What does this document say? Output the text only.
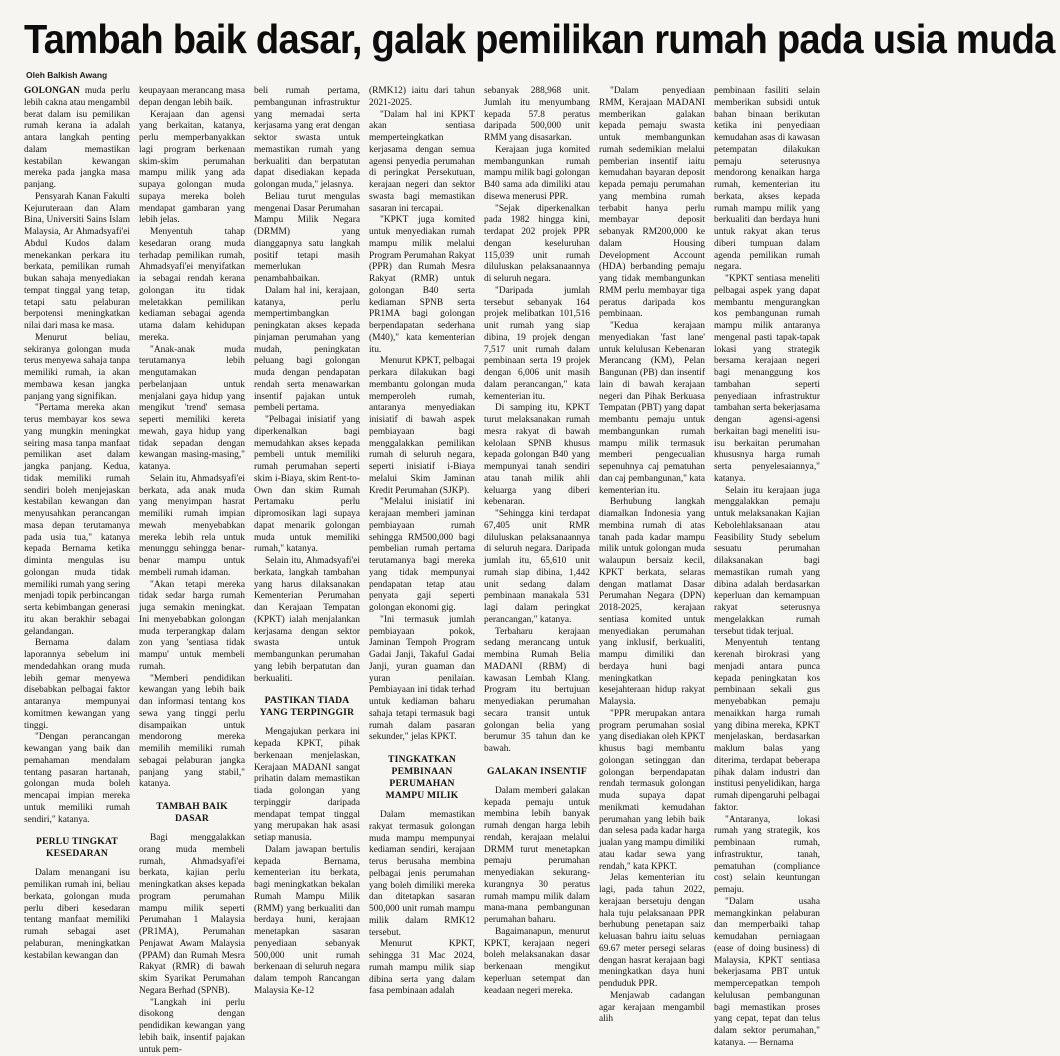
Tambah baik dasar, galak pemilikan rumah pada usia muda
Oleh Balkish Awang

GOLONGAN muda perlu lebih cakna atau mengambil berat dalam isu pemilikan rumah kerana ia adalah antara langkah penting dalam memastikan kestabilan kewangan mereka pada jangka masa panjang.

Pensyarah Kanan Fakulti Kejuruteraan dan Alam Bina, Universiti Sains Islam Malaysia, Ar Ahmadsyafi'ei Abdul Kudos dalam menekankan perkara itu berkata, pemilikan rumah bukan sahaja menyediakan tempat tinggal yang tetap, tetapi satu pelaburan berpotensi meningkatkan nilai dari masa ke masa.

Menurut beliau, sekiranya golongan muda terus menyewa sahaja tanpa memiliki rumah, ia akan membawa kesan jangka panjang yang signifikan.

"Pertama mereka akan terus membayar kos sewa yang mungkin meningkat seiring masa tanpa manfaat pemilikan aset dalam jangka panjang. Kedua, tidak memiliki rumah sendiri boleh menjejaskan kestabilan kewangan dan menyusahkan perancangan masa depan terutamanya pada usia tua," katanya kepada Bernama ketika diminta mengulas isu golongan muda tidak memiliki rumah yang sering menjadi topik perbincangan serta kebimbangan generasi itu akan berakhir sebagai gelandangan.

Bernama dalam laporannya sebelum ini mendedahkan orang muda lebih gemar menyewa disebabkan pelbagai faktor antaranya mempunyai komitmen kewangan yang tinggi.

"Dengan perancangan kewangan yang baik dan pemahaman mendalam tentang pasaran hartanah, golongan muda boleh mencapai impian mereka untuk memiliki rumah sendiri," katanya.

PERLU TINGKAT
KESEDARAN

Dalam menangani isu pemilikan rumah ini, beliau berkata, golongan muda perlu diberi kesedaran tentang manfaat memiliki rumah sebagai aset pelaburan, meningkatkan kestabilan kewangan dan

keupayaan merancang masa depan dengan lebih baik.

Kerajaan dan agensi yang berkaitan, katanya, perlu memperbanyakkan lagi program berkenaan skim-skim perumahan mampu milik yang ada supaya golongan muda supaya mereka boleh mendapat gambaran yang lebih jelas.

Menyentuh tahap kesedaran orang muda terhadap pemilikan rumah, Ahmadsyafi'ei menyifatkan ia sebagai rendah kerana golongan itu tidak meletakkan pemilikan kediaman sebagai agenda utama dalam kehidupan mereka.

"Anak-anak muda terutamanya lebih mengutamakan perbelanjaan untuk menjalani gaya hidup yang mengikut 'trend' semasa seperti memiliki kereta mewah, gaya hidup yang tidak sepadan dengan kewangan masing-masing," katanya.

Selain itu, Ahmadsyafi'ei berkata, ada anak muda yang menyimpan hasrat memiliki rumah impian mewah menyebabkan mereka lebih rela untuk menunggu sehingga benar-benar mampu untuk membeli rumah idaman.

"Akan tetapi mereka tidak sedar harga rumah juga semakin meningkat. Ini menyebabkan golongan muda terperangkap dalam zon yang 'sentiasa tidak mampu' untuk membeli rumah.

"Memberi pendidikan kewangan yang lebih baik dan informasi tentang kos sewa yang tinggi perlu disampaikan untuk mendorong mereka memilih memiliki rumah sebagai pelaburan jangka panjang yang stabil," katanya.

TAMBAH BAIK DASAR

Bagi menggalakkan orang muda membeli rumah, Ahmadsyafi'ei berkata, kajian perlu meningkatkan akses kepada program perumahan mampu milik seperti Perumahan 1 Malaysia (PR1MA), Perumahan Penjawat Awam Malaysia (PPAM) dan Rumah Mesra Rakyat (RMR) di bawah skim Syarikat Perumahan Negara Berhad (SPNB).

"Langkah ini perlu disokong dengan pendidikan kewangan yang lebih baik, insentif pajakan untuk pem-

beli rumah pertama, pembangunan infrastruktur yang memadai serta kerjasama yang erat dengan sektor swasta untuk memastikan rumah yang berkualiti dan berpatutan dapat disediakan kepada golongan muda," jelasnya.

Beliau turut mengulas mengenai Dasar Perumahan Mampu Milik Negara (DRMM) yang dianggapnya satu langkah positif tetapi masih memerlukan penambahbaikan.

Dalam hal ini, kerajaan, katanya, perlu mempertimbangkan peningkatan akses kepada pinjaman perumahan yang mudah, peningkatan peluang bagi golongan muda dengan pendapatan rendah serta menawarkan insentif pajakan untuk pembeli pertama.

"Pelbagai inisiatif yang diperkenalkan bagi memudahkan akses kepada pembeli untuk memiliki rumah perumahan seperti skim i-Biaya, skim Rent-to-Own dan skim Rumah Pertamaku perlu dipromosikan lagi supaya dapat menarik golongan muda untuk memiliki rumah," katanya.

Selain itu, Ahmadsyafi'ei berkata, langkah tambahan yang harus dilaksanakan Kementerian Perumahan dan Kerajaan Tempatan (KPKT) ialah menjalankan kerjasama dengan sektor swasta untuk membangunkan perumahan yang lebih berpatutan dan berkualiti.

PASTIKAN TIADA
YANG TERPINGGIR

Mengajukan perkara ini kepada KPKT, pihak berkenaan menjelaskan, Kerajaan MADANI sangat prihatin dalam memastikan tiada golongan yang terpinggir daripada mendapat tempat tinggal yang merupakan hak asasi setiap manusia.

Dalam jawapan bertulis kepada Bernama, kementerian itu berkata, bagi meningkatkan bekalan Rumah Mampu Milik (RMM) yang berkualiti dan berdaya huni, kerajaan menetapkan sasaran penyediaan sebanyak 500,000 unit rumah berkenaan di seluruh negara dalam tempoh Rancangan Malaysia Ke-12

(RMK12) iaitu dari tahun 2021-2025.

"Dalam hal ini KPKT akan sentiasa memperteingkatkan kerjasama dengan semua agensi penyedia perumahan di peringkat Persekutuan, kerajaan negeri dan sektor swasta bagi memastikan sasaran ini tercapai.

"KPKT juga komited untuk menyediakan rumah mampu milik melalui Program Perumahan Rakyat (PPR) dan Rumah Mesra Rakyat (RMR) untuk golongan B40 serta kediaman SPNB serta PR1MA bagi golongan berpendapatan sederhana (M40)," kata kementerian itu.

Menurut KPKT, pelbagai perkara dilakukan bagi membantu golongan muda memperoleh rumah, antaranya menyediakan inisiatif di bawah aspek pembiayaan bagi menggalakkan pemilikan rumah di seluruh negara, seperti inisiatif i-Biaya melalui Skim Jaminan Kredit Perumahan (SJKP).

"Melalui inisiatif ini kerajaan memberi jaminan pembiayaan rumah sehingga RM500,000 bagi pembelian rumah pertama terutamanya bagi mereka yang tidak mempunyai pendapatan tetap atau penyata gaji seperti golongan ekonomi gig.

"Ini termasuk jumlah pembiayaan pokok, Jaminan Tempoh Program Gadai Janji, Takaful Gadai Janji, yuran guaman dan yuran penilaian. Pembiayaan ini tidak terhad untuk kediaman baharu sahaja tetapi termasuk bagi rumah dalam pasaran sekunder," jelas KPKT.

TINGKATKAN
PEMBINAAN
PERUMAHAN
MAMPU MILIK

Dalam memastikan rakyat termasuk golongan muda mampu mempunyai kediaman sendiri, kerajaan terus berusaha membina pelbagai jenis perumahan yang boleh dimiliki mereka dan ditetapkan sasaran 500,000 unit rumah mampu milik dalam RMK12 tersebut.

Menurut KPKT, sehingga 31 Mac 2024, rumah mampu milik siap dibina serta yang dalam fasa pembinaan adalah

sebanyak 288,968 unit. Jumlah itu menyumbang kepada 57.8 peratus daripada 500,000 unit RMM yang disasarkan.

Kerajaan juga komited membangunkan rumah mampu milik bagi golongan B40 sama ada dimiliki atau disewa menerusi PPR.

"Sejak diperkenalkan pada 1982 hingga kini, terdapat 202 projek PPR dengan keseluruhan 115,039 unit rumah diluluskan pelaksanaannya di seluruh negara.

"Daripada jumlah tersebut sebanyak 164 projek melibatkan 101,516 unit rumah yang siap dibina, 19 projek dengan 7,517 unit rumah dalam pembinaan serta 19 projek dengan 6,006 unit masih dalam perancangan," kata kementerian itu.

Di samping itu, KPKT turut melaksanakan rumah mesra rakyat di bawah kelolaan SPNB khusus kepada golongan B40 yang mempunyai tanah sendiri atau tanah milik ahli keluarga yang diberi kebenaran.

"Sehingga kini terdapat 67,405 unit RMR diluluskan pelaksanaannya di seluruh negara. Daripada jumlah itu, 65,610 unit rumah siap dibina, 1,442 unit sedang dalam pembinaan manakala 531 lagi dalam peringkat perancangan," katanya.

Terbaharu kerajaan sedang merancang untuk membina Rumah Belia MADANI (RBM) di kawasan Lembah Klang. Program itu bertujuan menyediakan perumahan secara transit untuk golongan belia yang berumur 35 tahun dan ke bawah.

GALAKAN INSENTIF

Dalam memberi galakan kepada pemaju untuk membina lebih banyak rumah dengan harga lebih rendah, kerajaan melalui DRMM turut menetapkan pemaju perumahan menyediakan sekurang-kurangnya 30 peratus rumah mampu milik dalam mana-mana pembangunan perumahan baharu.

Bagaimanapun, menurut KPKT, kerajaan negeri boleh melaksanakan dasar berkenaan mengikut keperluan setempat dan keadaan negeri mereka.

"Dalam penyediaan RMM, Kerajaan MADANI memberikan galakan kepada pemaju swasta untuk membangunkan rumah sedemikian melalui pemberian insentif iaitu kemudahan bayaran deposit kepada pemaju perumahan yang membina rumah terbabit hanya perlu membayar deposit sebanyak RM200,000 ke dalam Housing Development Account (HDA) berbanding pemaju yang tidak membangunkan RMM perlu membayar tiga peratus daripada kos pembinaan.

"Kedua kerajaan menyediakan 'fast lane' untuk kelulusan Kebenaran Merancang (KM), Pelan Bangunan (PB) dan insentif lain di bawah kerajaan negeri dan Pihak Berkuasa Tempatan (PBT) yang dapat membantu pemaju untuk membangunkan rumah mampu milik termasuk memberi pengecualian sepenuhnya caj pematuhan dan caj pembangunan," kata kementerian itu.

Berhubung langkah diamalkan Indonesia yang membina rumah di atas tanah pada kadar mampu milik untuk golongan muda walaupun bersaiz kecil, KPKT berkata, selaras dengan matlamat Dasar Perumahan Negara (DPN) 2018-2025, kerajaan sentiasa komited untuk menyediakan perumahan yang inklusif, berkualiti, mampu dimiliki dan berdaya huni bagi meningkatkan kesejahteraan hidup rakyat Malaysia.

"PPR merupakan antara program perumahan sosial yang disediakan oleh KPKT khusus bagi membantu golongan setinggan dan golongan berpendapatan rendah termasuk golongan muda supaya dapat menikmati kemudahan perumahan yang lebih baik dan selesa pada kadar harga jualan yang mampu dimiliki atau kadar sewa yang rendah," kata KPKT.

Jelas kementerian itu lagi, pada tahun 2022, kerajaan bersetuju dengan hala tuju pelaksanaan PPR berhubung penetapan saiz keluasan bahru iaitu seluas 69.67 meter persegi selaras dengan hasrat kerajaan bagi meningkatkan daya huni penduduk PPR.

Menjawab cadangan agar kerajaan mengambil alih

pembinaan fasiliti selain memberikan subsidi untuk bahan binaan berikutan ketika ini penyediaan kemudahan asas di kawasan petempatan dilakukan pemaju seterusnya mendorong kenaikan harga rumah, kementerian itu berkata, akses kepada rumah mampu milik yang berkualiti dan berdaya huni untuk rakyat akan terus diberi tumpuan dalam agenda pemilikan rumah negara.

"KPKT sentiasa meneliti pelbagai aspek yang dapat membantu mengurangkan kos pembangunan rumah mampu milik antaranya mengenal pasti tapak-tapak lokasi yang strategik bersama kerajaan negeri bagi menanggung kos tambahan seperti penyediaan infrastruktur tambahan serta bekerjasama dengan agensi-agensi berkaitan bagi meneliti isu-isu berkaitan perumahan khususnya harga rumah serta penyelesaiannya," katanya.

Selain itu kerajaan juga menggalakkan pemaju untuk melaksanakan Kajian Kebolehlaksanaan atau Feasibility Study sebelum sesuatu perumahan dilaksanakan bagi memastikan rumah yang dibina adalah berdasarkan keperluan dan kemampuan rakyat seterusnya mengelakkan rumah tersebut tidak terjual.

Menyentuh tentang kerenah birokrasi yang menjadi antara punca kepada peningkatan kos pembinaan sekali gus menyebabkan pemaju menaikkan harga rumah yang dibina mereka, KPKT menjelaskan, berdasarkan maklum balas yang diterima, terdapat beberapa pihak dalam industri dan institusi penyelidikan, harga rumah dipengaruhi pelbagai faktor.

"Antaranya, lokasi rumah yang strategik, kos pembinaan rumah, infrastruktur, tanah, pematuhan (compliance cost) selain keuntungan pemaju.

"Dalam usaha memangkinkan pelaburan dan memperbaiki tahap kemudahan perniagaan (ease of doing business) di Malaysia, KPKT sentiasa bekerjasama PBT untuk mempercepatkan tempoh kelulusan pembangunan bagi memastikan proses yang cepat, tepat dan telus dalam sektor perumahan," katanya. — Bernama
